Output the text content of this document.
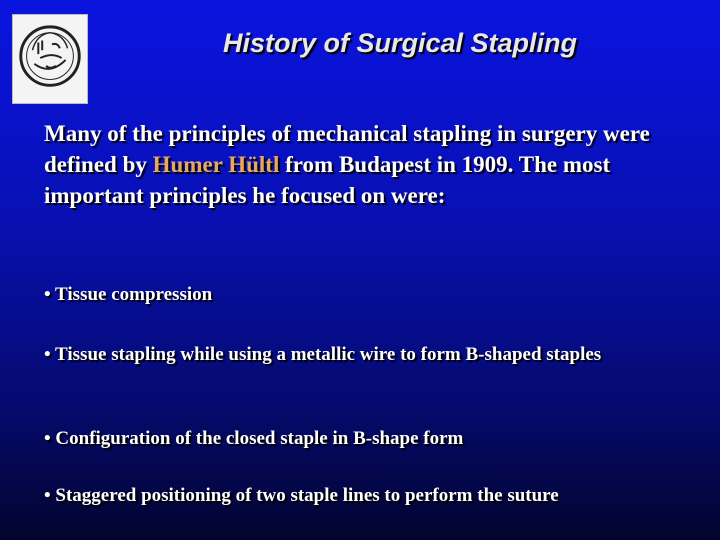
History of Surgical Stapling

Many of the principles of mechanical stapling in surgery were defined by Humer Hültl from Budapest in 1909. The most important principles he focused on were:

• Tissue compression
• Tissue stapling while using a metallic wire to form B-shaped staples
• Configuration of the closed staple in B-shape form
• Staggered positioning of two staple lines to perform the suture
